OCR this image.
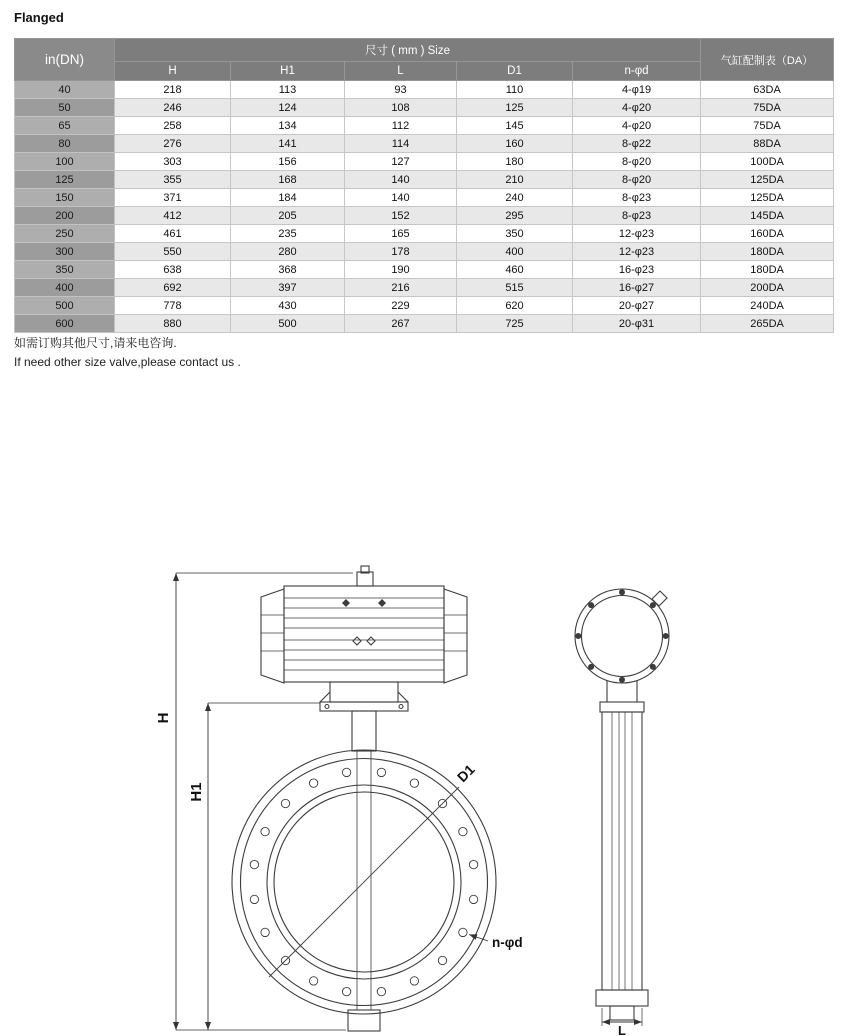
Flanged
in(DN)	尺寸 ( mm ) Size					气缸配制表（DA）
	H	H1	L	D1	n-φd	
40	218	113	93	110	4-φ19	63DA
50	246	124	108	125	4-φ20	75DA
65	258	134	112	145	4-φ20	75DA
80	276	141	114	160	8-φ22	88DA
100	303	156	127	180	8-φ20	100DA
125	355	168	140	210	8-φ20	125DA
150	371	184	140	240	8-φ23	125DA
200	412	205	152	295	8-φ23	145DA
250	461	235	165	350	12-φ23	160DA
300	550	280	178	400	12-φ23	180DA
350	638	368	190	460	16-φ23	180DA
400	692	397	216	515	16-φ27	200DA
500	778	430	229	620	20-φ27	240DA
600	880	500	267	725	20-φ31	265DA
如需订购其他尺寸,请来电咨询.
If need other size valve,please contact us .
H
H1
D1
n-φd
L
